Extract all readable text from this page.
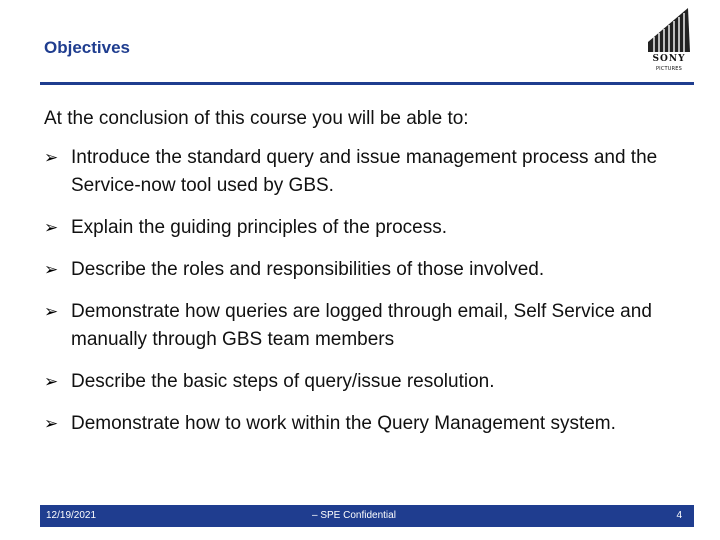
Objectives
SONY
PICTURES
At the conclusion of this course you will be able to:
➢ Introduce the standard query and issue management process and the Service-now tool used by GBS.
➢ Explain the guiding principles of the process.
➢ Describe the roles and responsibilities of those involved.
➢ Demonstrate how queries are logged through email, Self Service and manually through GBS team members
➢ Describe the basic steps of query/issue resolution.
➢ Demonstrate how to work within the Query Management system.
12/19/2021	– SPE Confidential	4
